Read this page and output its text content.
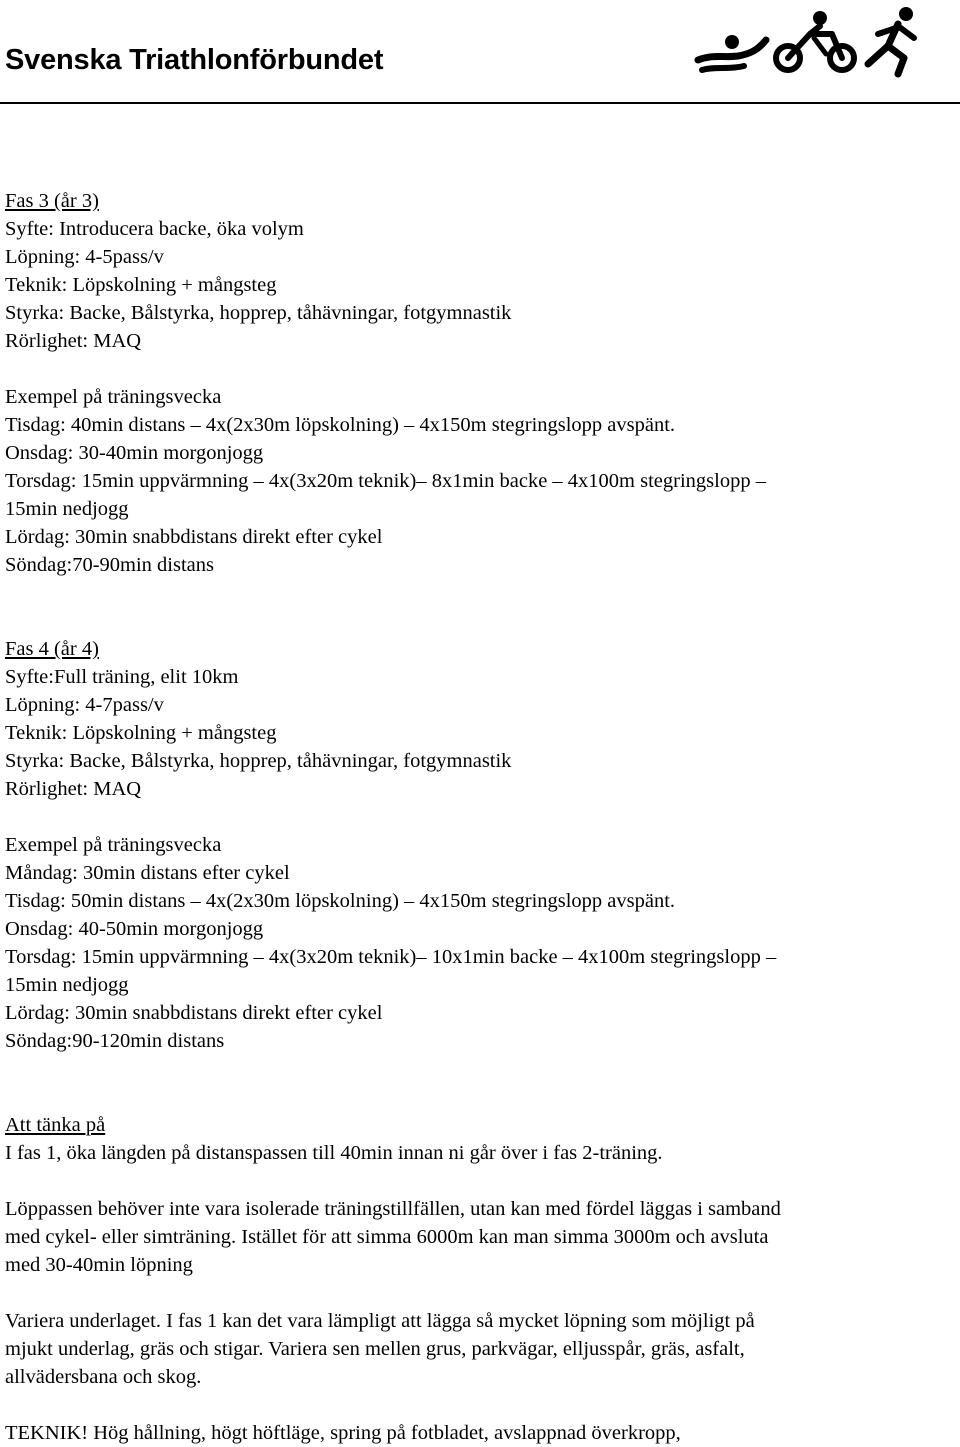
Svenska Triathlonförbundet
Fas 3 (år 3)
Syfte: Introducera backe, öka volym
Löpning: 4-5pass/v
Teknik: Löpskolning + mångsteg
Styrka: Backe, Bålstyrka, hopprep, tåhävningar, fotgymnastik
Rörlighet: MAQ
Exempel på träningsvecka
Tisdag: 40min distans – 4x(2x30m löpskolning) – 4x150m stegringslopp avspänt.
Onsdag: 30-40min morgonjogg
Torsdag: 15min uppvärmning – 4x(3x20m teknik)– 8x1min backe – 4x100m stegringslopp –
15min nedjogg
Lördag: 30min snabbdistans direkt efter cykel
Söndag:70-90min distans
Fas 4 (år 4)
Syfte:Full träning, elit 10km
Löpning: 4-7pass/v
Teknik: Löpskolning + mångsteg
Styrka: Backe, Bålstyrka, hopprep, tåhävningar, fotgymnastik
Rörlighet: MAQ
Exempel på träningsvecka
Måndag: 30min distans efter cykel
Tisdag: 50min distans – 4x(2x30m löpskolning) – 4x150m stegringslopp avspänt.
Onsdag: 40-50min morgonjogg
Torsdag: 15min uppvärmning – 4x(3x20m teknik)– 10x1min backe – 4x100m stegringslopp –
15min nedjogg
Lördag: 30min snabbdistans direkt efter cykel
Söndag:90-120min distans
Att tänka på
I fas 1, öka längden på distanspassen till 40min innan ni går över i fas 2-träning.
Löppassen behöver inte vara isolerade träningstillfällen, utan kan med fördel läggas i samband
med cykel- eller simträning. Istället för att simma 6000m kan man simma 3000m och avsluta
med 30-40min löpning
Variera underlaget. I fas 1 kan det vara lämpligt att lägga så mycket löpning som möjligt på
mjukt underlag, gräs och stigar. Variera sen mellen grus, parkvägar, elljusspår, gräs, asfalt,
allvädersbana och skog.
TEKNIK! Hög hållning, högt höftläge, spring på fotbladet, avslappnad överkropp,
